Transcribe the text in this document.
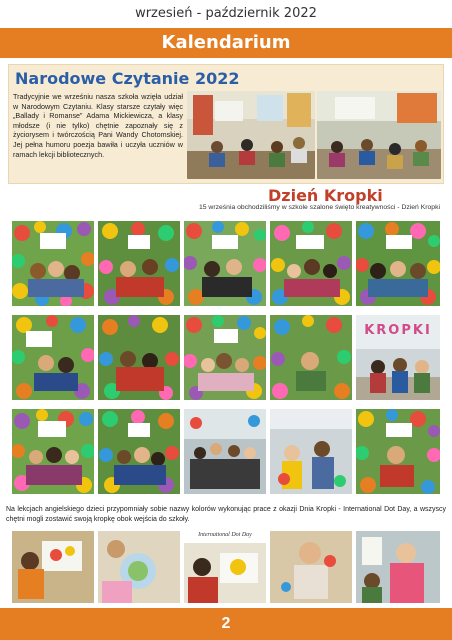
wrzesień - październik 2022
Kalendarium
Narodowe Czytanie 2022
Tradycyjnie we wrześniu nasza szkoła wzięła udział w Narodowym Czytaniu. Klasy starsze czytały więc „Ballady i Romanse” Adama Mickiewicza, a klasy młodsze (i nie tylko) chętnie zapoznały się z życiorysem i twórczością Pani Wandy Chotomskiej. Jej pełna humoru poezja bawiła i uczyła uczniów w ramach lekcji bibliotecznych.
Dzień Kropki
15 września obchodziliśmy w szkole szalone święto kreatywności - Dzień Kropki
KROPKI
Na lekcjach angielskiego dzieci przypomniały sobie nazwy kolorów wykonując prace z okazji Dnia Kropki - International Dot Day, a wszyscy chętni mogli zostawić swoją kropkę obok wejścia do szkoły.
International Dot Day
2
